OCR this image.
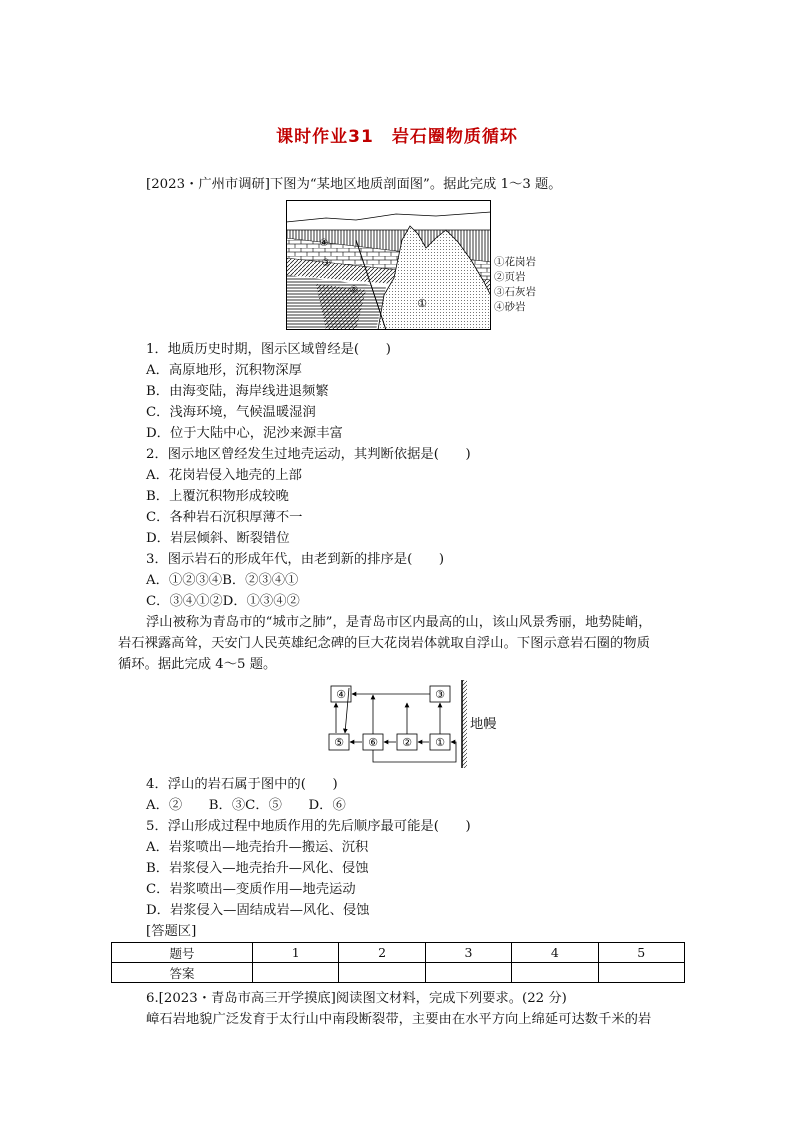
课时作业31　岩石圈物质循环
[2023・广州市调研]下图为“某地区地质剖面图”。据此完成 1～3 题。
④
③
②
①
①花岗岩
②页岩
③石灰岩
④砂岩
1．地质历史时期，图示区域曾经是(　　)
A．高原地形，沉积物深厚
B．由海变陆，海岸线进退频繁
C．浅海环境，气候温暖湿润
D．位于大陆中心，泥沙来源丰富
2．图示地区曾经发生过地壳运动，其判断依据是(　　)
A．花岗岩侵入地壳的上部
B．上覆沉积物形成较晚
C．各种岩石沉积厚薄不一
D．岩层倾斜、断裂错位
3．图示岩石的形成年代，由老到新的排序是(　　)
A．①②③④B．②③④①
C．③④①②D．①③④②
浮山被称为青岛市的“城市之肺”，是青岛市区内最高的山，该山风景秀丽，地势陡峭，
岩石裸露高耸，天安门人民英雄纪念碑的巨大花岗岩体就取自浮山。下图示意岩石圈的物质
循环。据此完成 4～5 题。
④	③
⑤ ⑥ ② ①
地幔
4．浮山的岩石属于图中的(　　)
A．②　　B．③C．⑤　　D．⑥
5．浮山形成过程中地质作用的先后顺序最可能是(　　)
A．岩浆喷出—地壳抬升—搬运、沉积
B．岩浆侵入—地壳抬升—风化、侵蚀
C．岩浆喷出—变质作用—地壳运动
D．岩浆侵入—固结成岩—风化、侵蚀
[答题区]
题号	1	2	3	4	5
答案					
6.[2023・青岛市高三开学摸底]阅读图文材料，完成下列要求。(22 分)
嶂石岩地貌广泛发育于太行山中南段断裂带，主要由在水平方向上绵延可达数千米的岩
